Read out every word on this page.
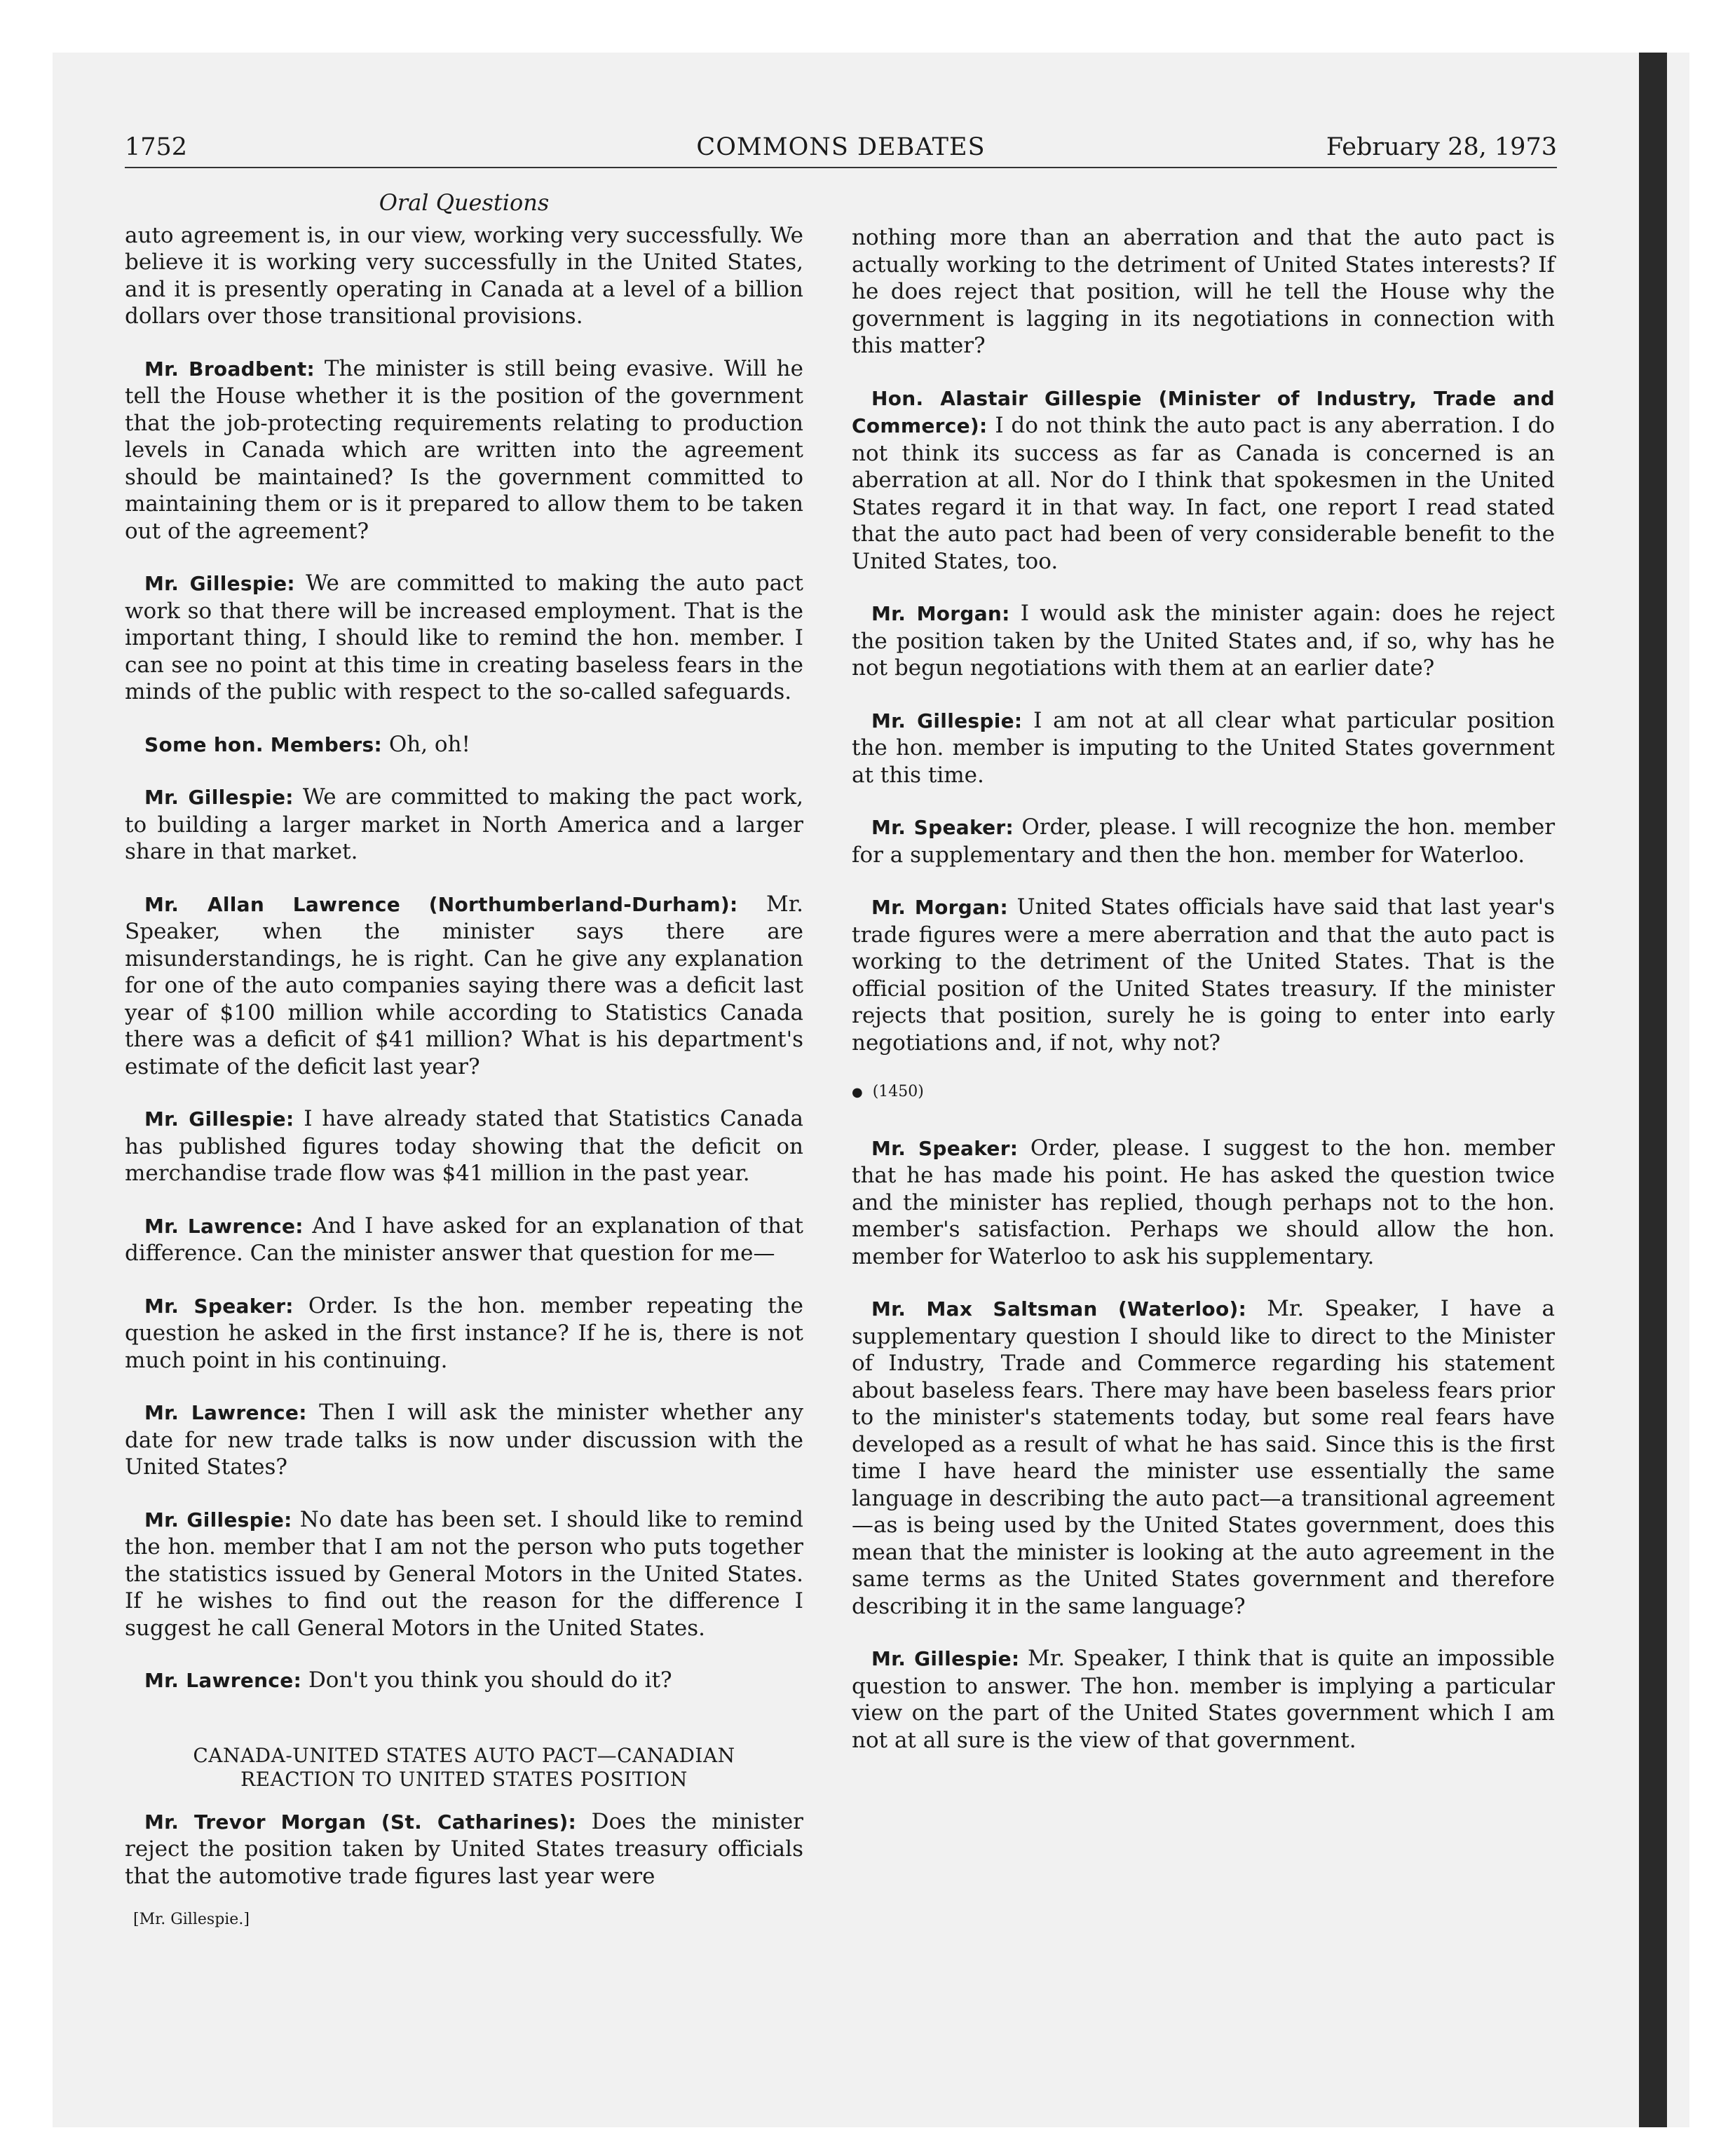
1752	COMMONS DEBATES	February 28, 1973
Oral Questions

auto agreement is, in our view, working very successfully. We believe it is working very successfully in the United States, and it is presently operating in Canada at a level of a billion dollars over those transitional provisions.

Mr. Broadbent: The minister is still being evasive. Will he tell the House whether it is the position of the government that the job-protecting requirements relating to production levels in Canada which are written into the agreement should be maintained? Is the government committed to maintaining them or is it prepared to allow them to be taken out of the agreement?

Mr. Gillespie: We are committed to making the auto pact work so that there will be increased employment. That is the important thing, I should like to remind the hon. member. I can see no point at this time in creating baseless fears in the minds of the public with respect to the so-called safeguards.

Some hon. Members: Oh, oh!

Mr. Gillespie: We are committed to making the pact work, to building a larger market in North America and a larger share in that market.

Mr. Allan Lawrence (Northumberland-Durham): Mr. Speaker, when the minister says there are misunderstandings, he is right. Can he give any explanation for one of the auto companies saying there was a deficit last year of $100 million while according to Statistics Canada there was a deficit of $41 million? What is his department's estimate of the deficit last year?

Mr. Gillespie: I have already stated that Statistics Canada has published figures today showing that the deficit on merchandise trade flow was $41 million in the past year.

Mr. Lawrence: And I have asked for an explanation of that difference. Can the minister answer that question for me—

Mr. Speaker: Order. Is the hon. member repeating the question he asked in the first instance? If he is, there is not much point in his continuing.

Mr. Lawrence: Then I will ask the minister whether any date for new trade talks is now under discussion with the United States?

Mr. Gillespie: No date has been set. I should like to remind the hon. member that I am not the person who puts together the statistics issued by General Motors in the United States. If he wishes to find out the reason for the difference I suggest he call General Motors in the United States.

Mr. Lawrence: Don't you think you should do it?

CANADA-UNITED STATES AUTO PACT—CANADIAN REACTION TO UNITED STATES POSITION

Mr. Trevor Morgan (St. Catharines): Does the minister reject the position taken by United States treasury officials that the automotive trade figures last year were

[Mr. Gillespie.]

nothing more than an aberration and that the auto pact is actually working to the detriment of United States interests? If he does reject that position, will he tell the House why the government is lagging in its negotiations in connection with this matter?

Hon. Alastair Gillespie (Minister of Industry, Trade and Commerce): I do not think the auto pact is any aberration. I do not think its success as far as Canada is concerned is an aberration at all. Nor do I think that spokesmen in the United States regard it in that way. In fact, one report I read stated that the auto pact had been of very considerable benefit to the United States, too.

Mr. Morgan: I would ask the minister again: does he reject the position taken by the United States and, if so, why has he not begun negotiations with them at an earlier date?

Mr. Gillespie: I am not at all clear what particular position the hon. member is imputing to the United States government at this time.

Mr. Speaker: Order, please. I will recognize the hon. member for a supplementary and then the hon. member for Waterloo.

Mr. Morgan: United States officials have said that last year's trade figures were a mere aberration and that the auto pact is working to the detriment of the United States. That is the official position of the United States treasury. If the minister rejects that position, surely he is going to enter into early negotiations and, if not, why not?

● (1450)

Mr. Speaker: Order, please. I suggest to the hon. member that he has made his point. He has asked the question twice and the minister has replied, though perhaps not to the hon. member's satisfaction. Perhaps we should allow the hon. member for Waterloo to ask his supplementary.

Mr. Max Saltsman (Waterloo): Mr. Speaker, I have a supplementary question I should like to direct to the Minister of Industry, Trade and Commerce regarding his statement about baseless fears. There may have been baseless fears prior to the minister's statements today, but some real fears have developed as a result of what he has said. Since this is the first time I have heard the minister use essentially the same language in describing the auto pact—a transitional agreement—as is being used by the United States government, does this mean that the minister is looking at the auto agreement in the same terms as the United States government and therefore describing it in the same language?

Mr. Gillespie: Mr. Speaker, I think that is quite an impossible question to answer. The hon. member is implying a particular view on the part of the United States government which I am not at all sure is the view of that government.
